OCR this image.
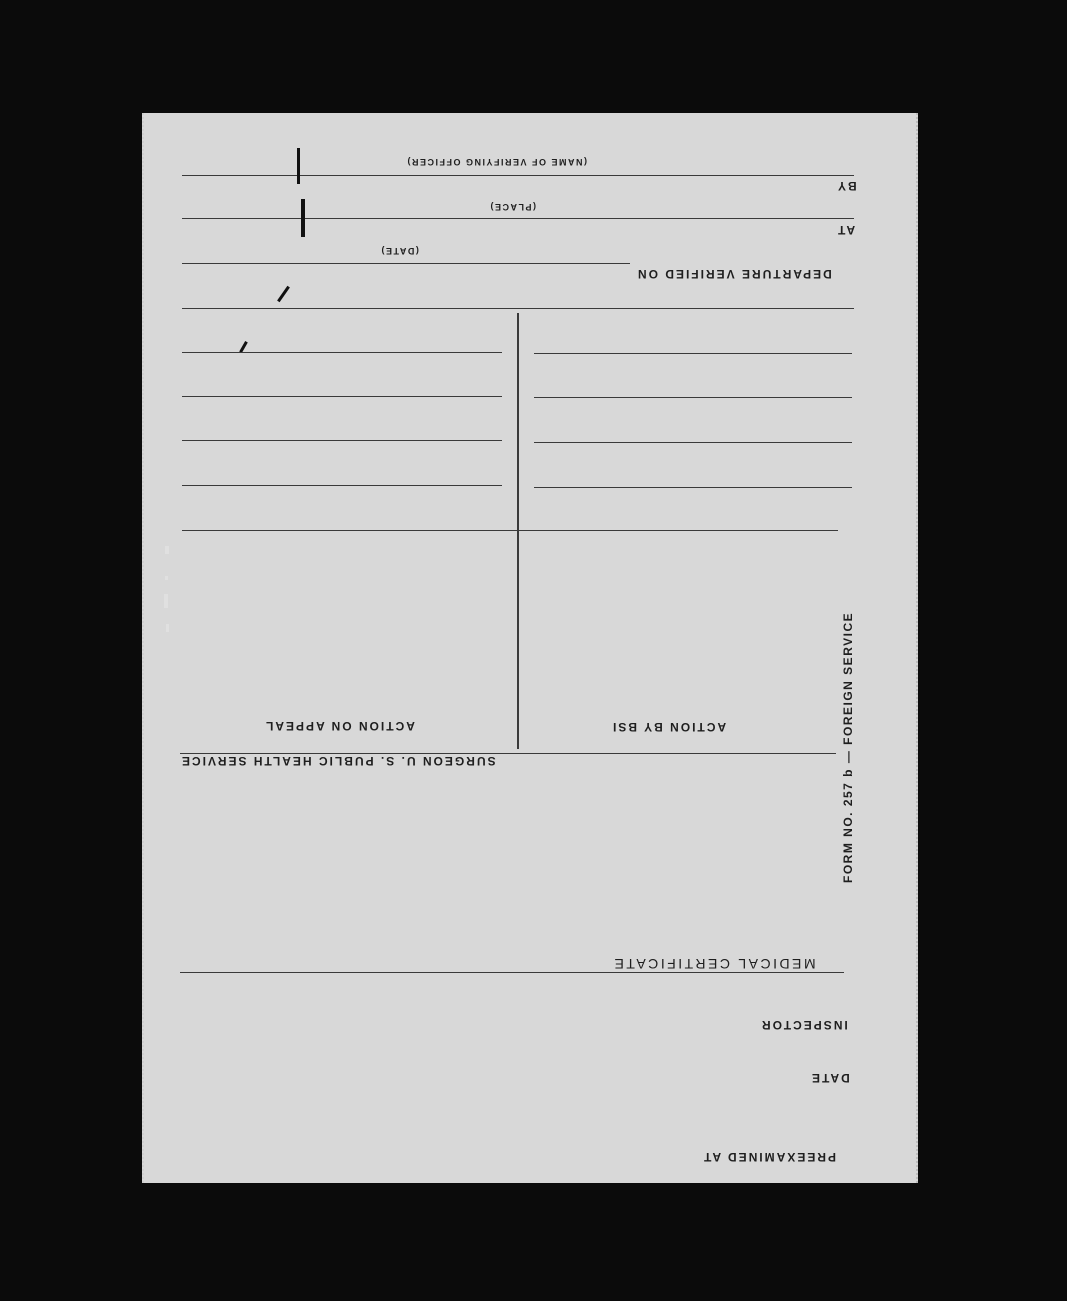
(NAME OF VERIFYING OFFICER)
BY
(PLACE)
AT
(DATE)
DEPARTURE VERIFIED ON
ACTION ON APPEAL	ACTION BY BSI
SURGEON U. S. PUBLIC HEALTH SERVICE	FORM NO. 257 b — FOREIGN SERVICE
MEDICAL CERTIFICATE
INSPECTOR
DATE
PREEXAMINED AT
